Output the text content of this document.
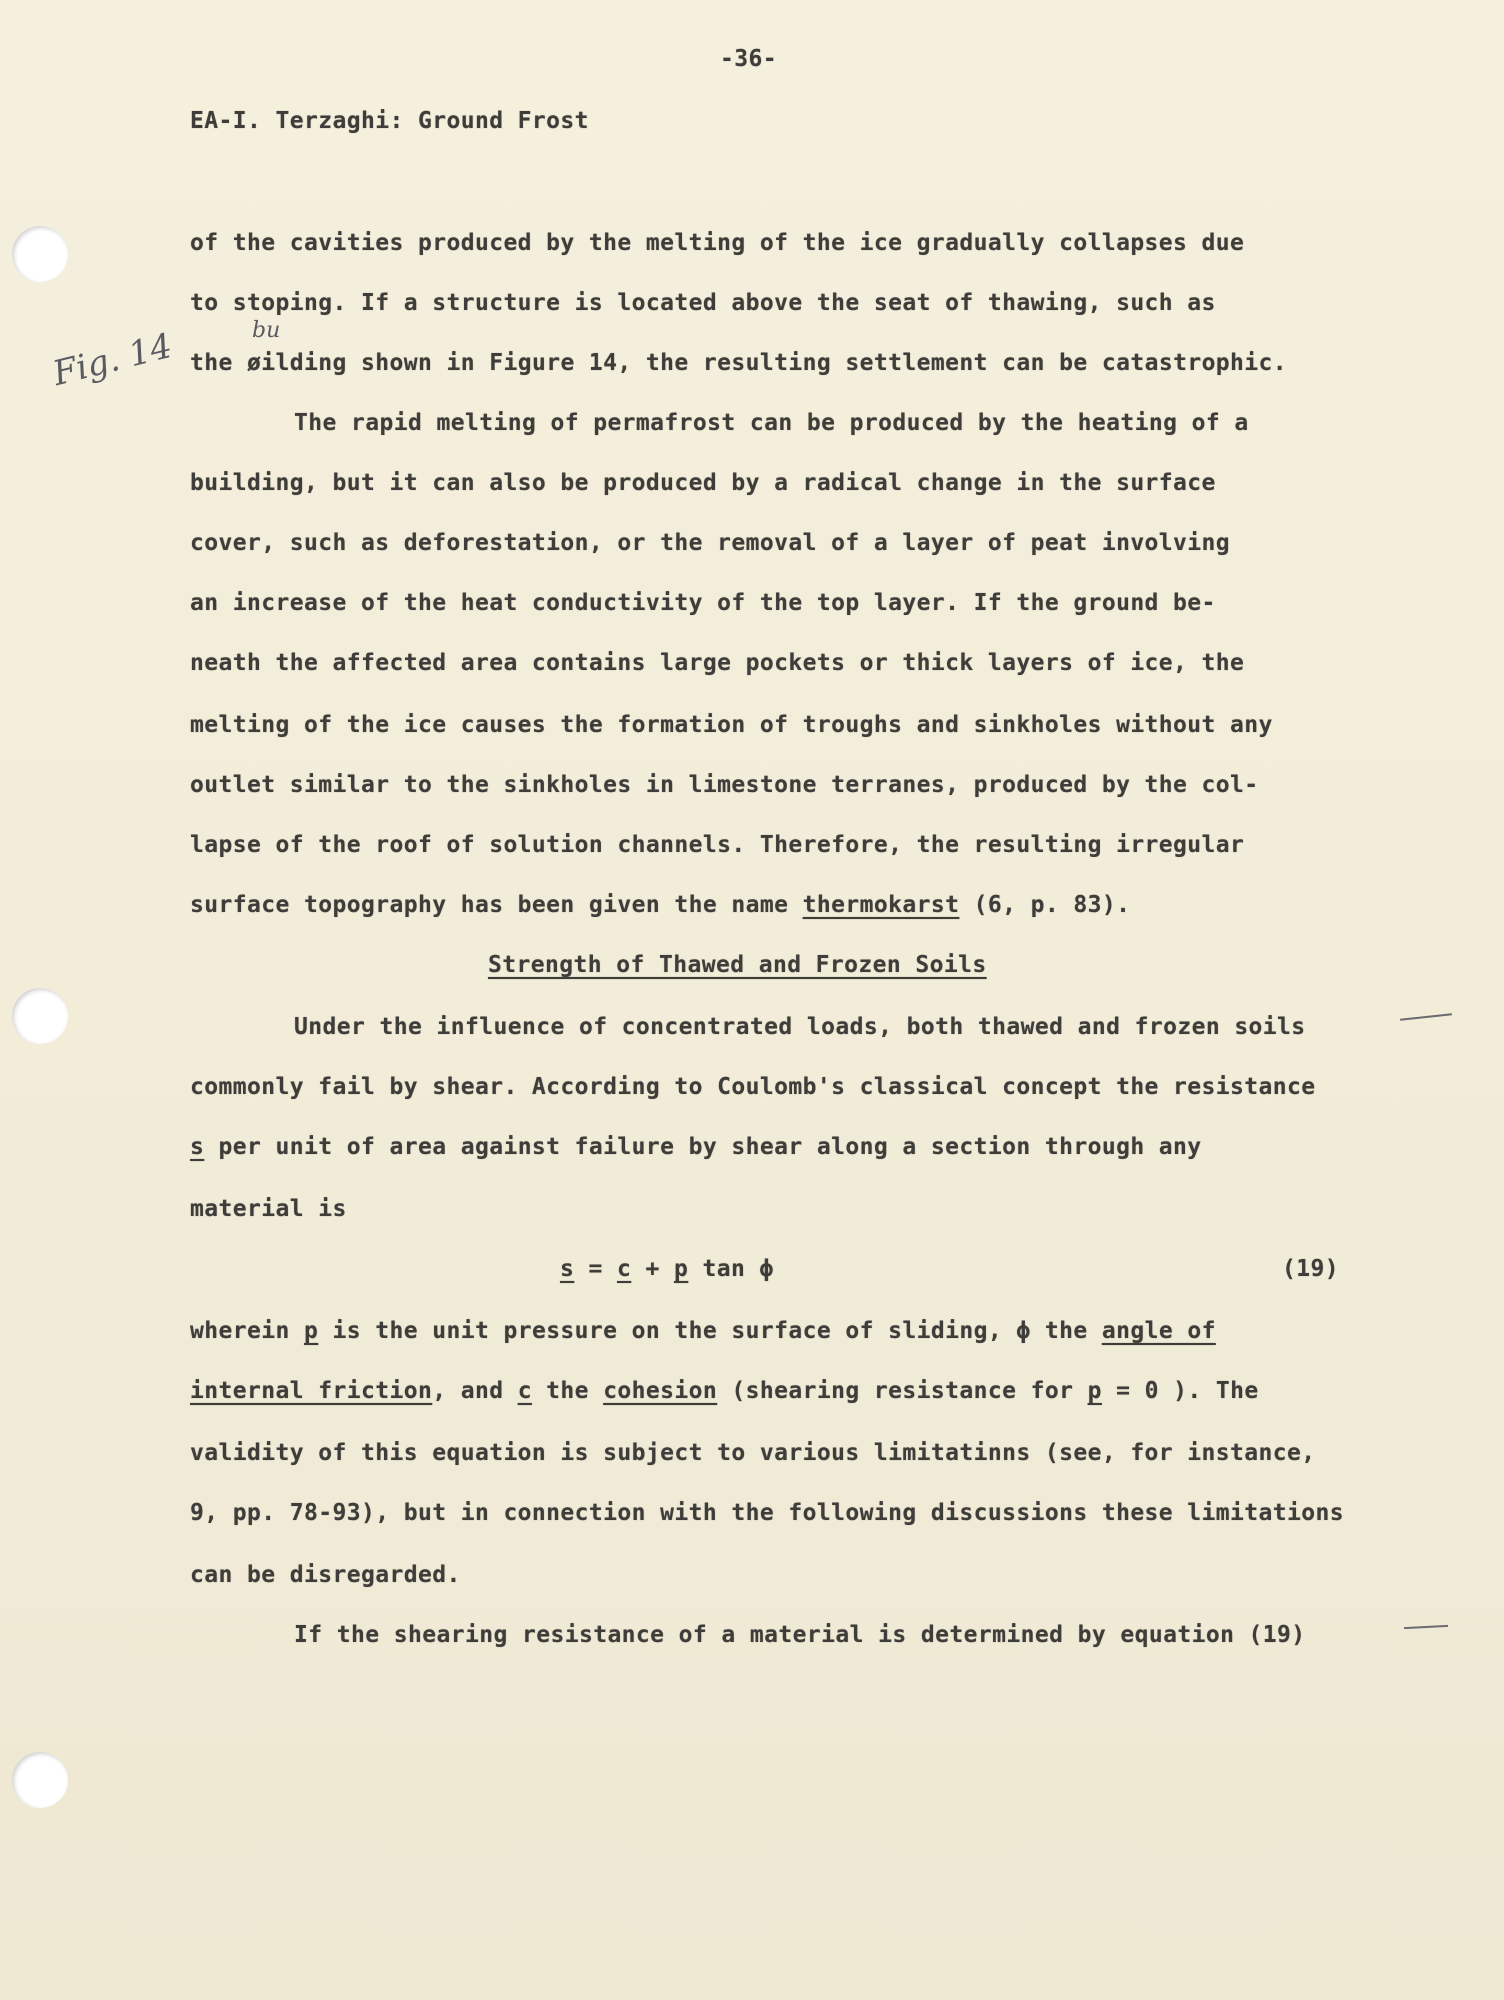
-36-
EA-I. Terzaghi: Ground Frost
Fig. 14	bu
of the cavities produced by the melting of the ice gradually collapses due
to stoping. If a structure is located above the seat of thawing, such as
the øilding shown in Figure 14, the resulting settlement can be catastrophic.
The rapid melting of permafrost can be produced by the heating of a
building, but it can also be produced by a radical change in the surface
cover, such as deforestation, or the removal of a layer of peat involving
an increase of the heat conductivity of the top layer. If the ground be-
neath the affected area contains large pockets or thick layers of ice, the
melting of the ice causes the formation of troughs and sinkholes without any
outlet similar to the sinkholes in limestone terranes, produced by the col-
lapse of the roof of solution channels. Therefore, the resulting irregular
surface topography has been given the name thermokarst (6, p. 83).
Strength of Thawed and Frozen Soils
Under the influence of concentrated loads, both thawed and frozen soils
commonly fail by shear. According to Coulomb's classical concept the resistance
s per unit of area against failure by shear along a section through any
material is
s = c + p tan ϕ	(19)
wherein p is the unit pressure on the surface of sliding, ϕ the angle of
internal friction, and c the cohesion (shearing resistance for p = 0 ). The
validity of this equation is subject to various limitatinns (see, for instance,
9, pp. 78-93), but in connection with the following discussions these limitations
can be disregarded.
If the shearing resistance of a material is determined by equation (19)
